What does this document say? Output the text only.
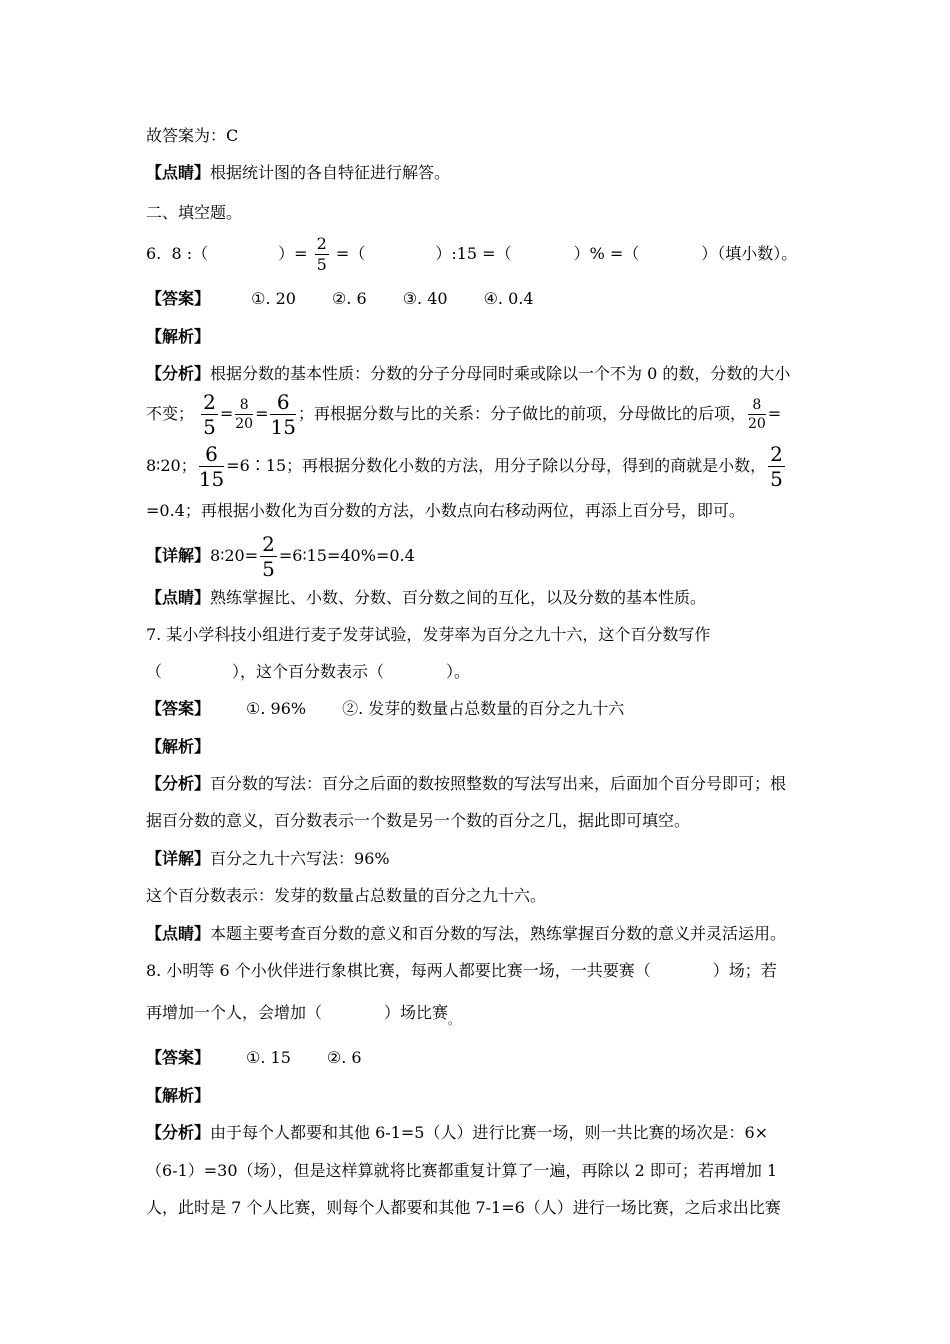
故答案为：C
【点睛】根据统计图的各自特征进行解答。
二、填空题。
6. 8 :（	）= $\frac{2}{5}$ =（	）:15 =（	）% =（	）（填小数）。
【答案】	①. 20 ②. 6 ③. 40 ④. 0.4
【解析】
【分析】根据分数的基本性质：分数的分子分母同时乘或除以一个不为 0 的数，分数的大小
不变； $\frac{2}{5} = \frac{8}{20} = \frac{6}{15}$ ；再根据分数与比的关系：分子做比的前项，分母做比的后项， $\frac{8}{20}$ =
8∶20； $\frac{6}{15}$ =6∶15；再根据分数化小数的方法，用分子除以分母，得到的商就是小数， $\frac{2}{5}$
=0.4；再根据小数化为百分数的方法，小数点向右移动两位，再添上百分号，即可。
【详解】8∶20= $\frac{2}{5}$ =6∶15=40%=0.4
【点睛】熟练掌握比、小数、分数、百分数之间的互化，以及分数的基本性质。
7. 某小学科技小组进行麦子发芽试验，发芽率为百分之九十六，这个百分数写作
（	），这个百分数表示（	）。
【答案】 ①. 96% ②. 发芽的数量占总数量的百分之九十六
【解析】
【分析】百分数的写法：百分之后面的数按照整数的写法写出来，后面加个百分号即可；根
据百分数的意义，百分数表示一个数是另一个数的百分之几，据此即可填空。
【详解】百分之九十六写法：96%
这个百分数表示：发芽的数量占总数量的百分之九十六。
【点睛】本题主要考查百分数的意义和百分数的写法，熟练掌握百分数的意义并灵活运用。
8. 小明等 6 个小伙伴进行象棋比赛，每两人都要比赛一场，一共要赛（	）场；若
再增加一个人，会增加（	）场比赛$_。$
【答案】 ①. 15 ②. 6
【解析】
【分析】由于每个人都要和其他 6-1=5（人）进行比赛一场，则一共比赛的场次是：6×
（6-1）=30（场），但是这样算就将比赛都重复计算了一遍，再除以 2 即可；若再增加 1
人，此时是 7 个人比赛，则每个人都要和其他 7-1=6（人）进行一场比赛，之后求出比赛
